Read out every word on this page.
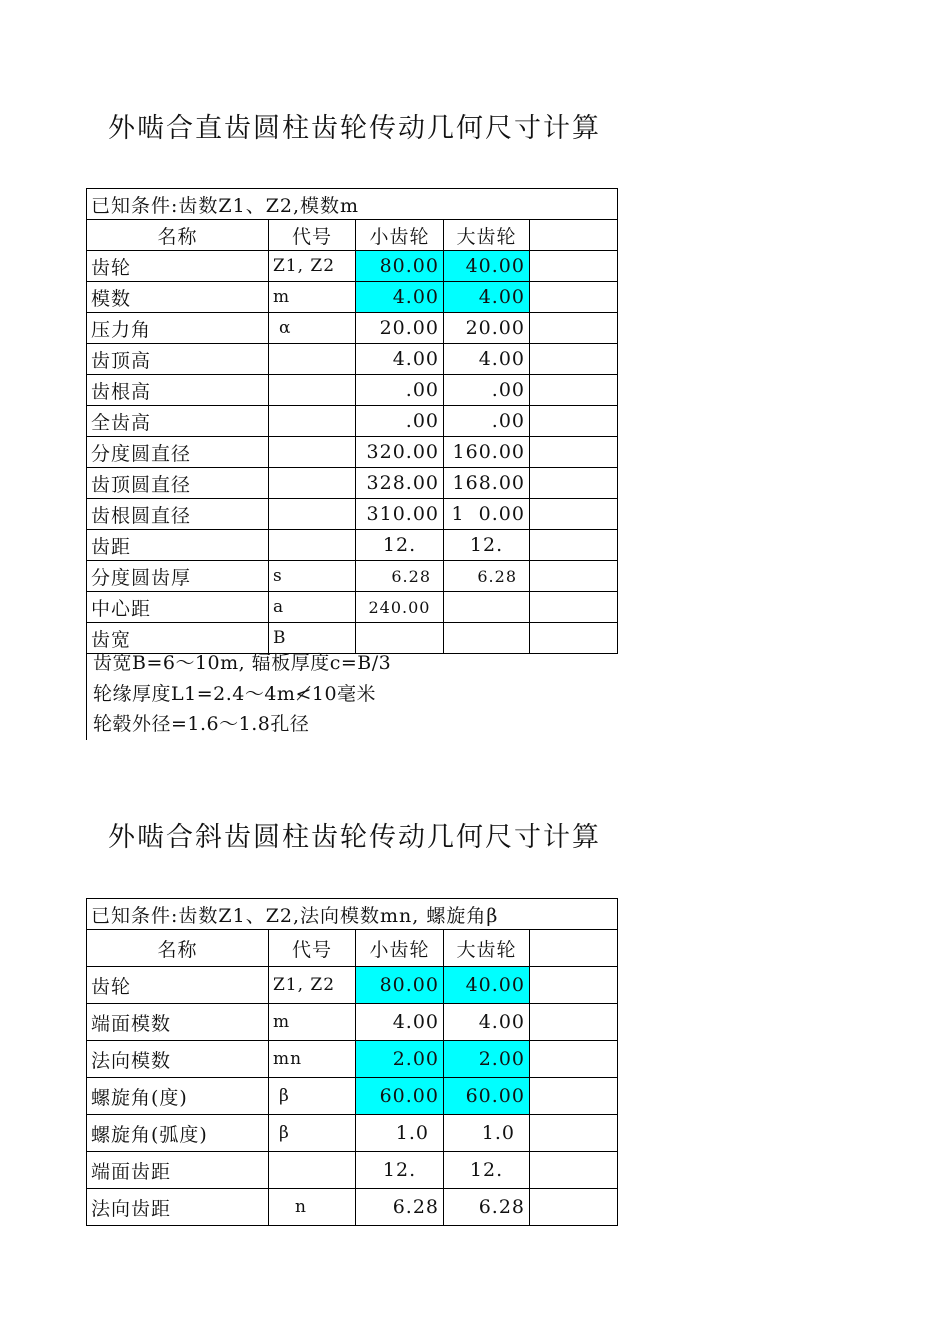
外啮合直齿圆柱齿轮传动几何尺寸计算
已知条件:齿数Z1、Z2,模数m				
名称	代号	小齿轮	大齿轮	
齿轮	Z1, Z2	80.00	40.00	
模数	m	4.00	4.00	
压力角	α	20.00	20.00	
齿顶高		4.00	4.00	
齿根高		.00	.00	
全齿高		.00	.00	
分度圆直径		320.00	160.00	
齿顶圆直径		328.00	168.00	
齿根圆直径		310.00	1  0.00	
齿距		12.	12.	
分度圆齿厚	s	6.28	6.28	
中心距	a	240.00		
齿宽	B			
齿宽B=6～10m, 辐板厚度c=B/3
轮缘厚度L1=2.4～4m≮10毫米
轮毂外径=1.6～1.8孔径
外啮合斜齿圆柱齿轮传动几何尺寸计算
已知条件:齿数Z1、Z2,法向模数mn, 螺旋角β				
名称	代号	小齿轮	大齿轮	
齿轮	Z1, Z2	80.00	40.00	
端面模数	m	4.00	4.00	
法向模数	mn	2.00	2.00	
螺旋角(度)	β	60.00	60.00	
螺旋角(弧度)	β	1.0	1.0	
端面齿距		12.	12.	
法向齿距	n	6.28	6.28	
